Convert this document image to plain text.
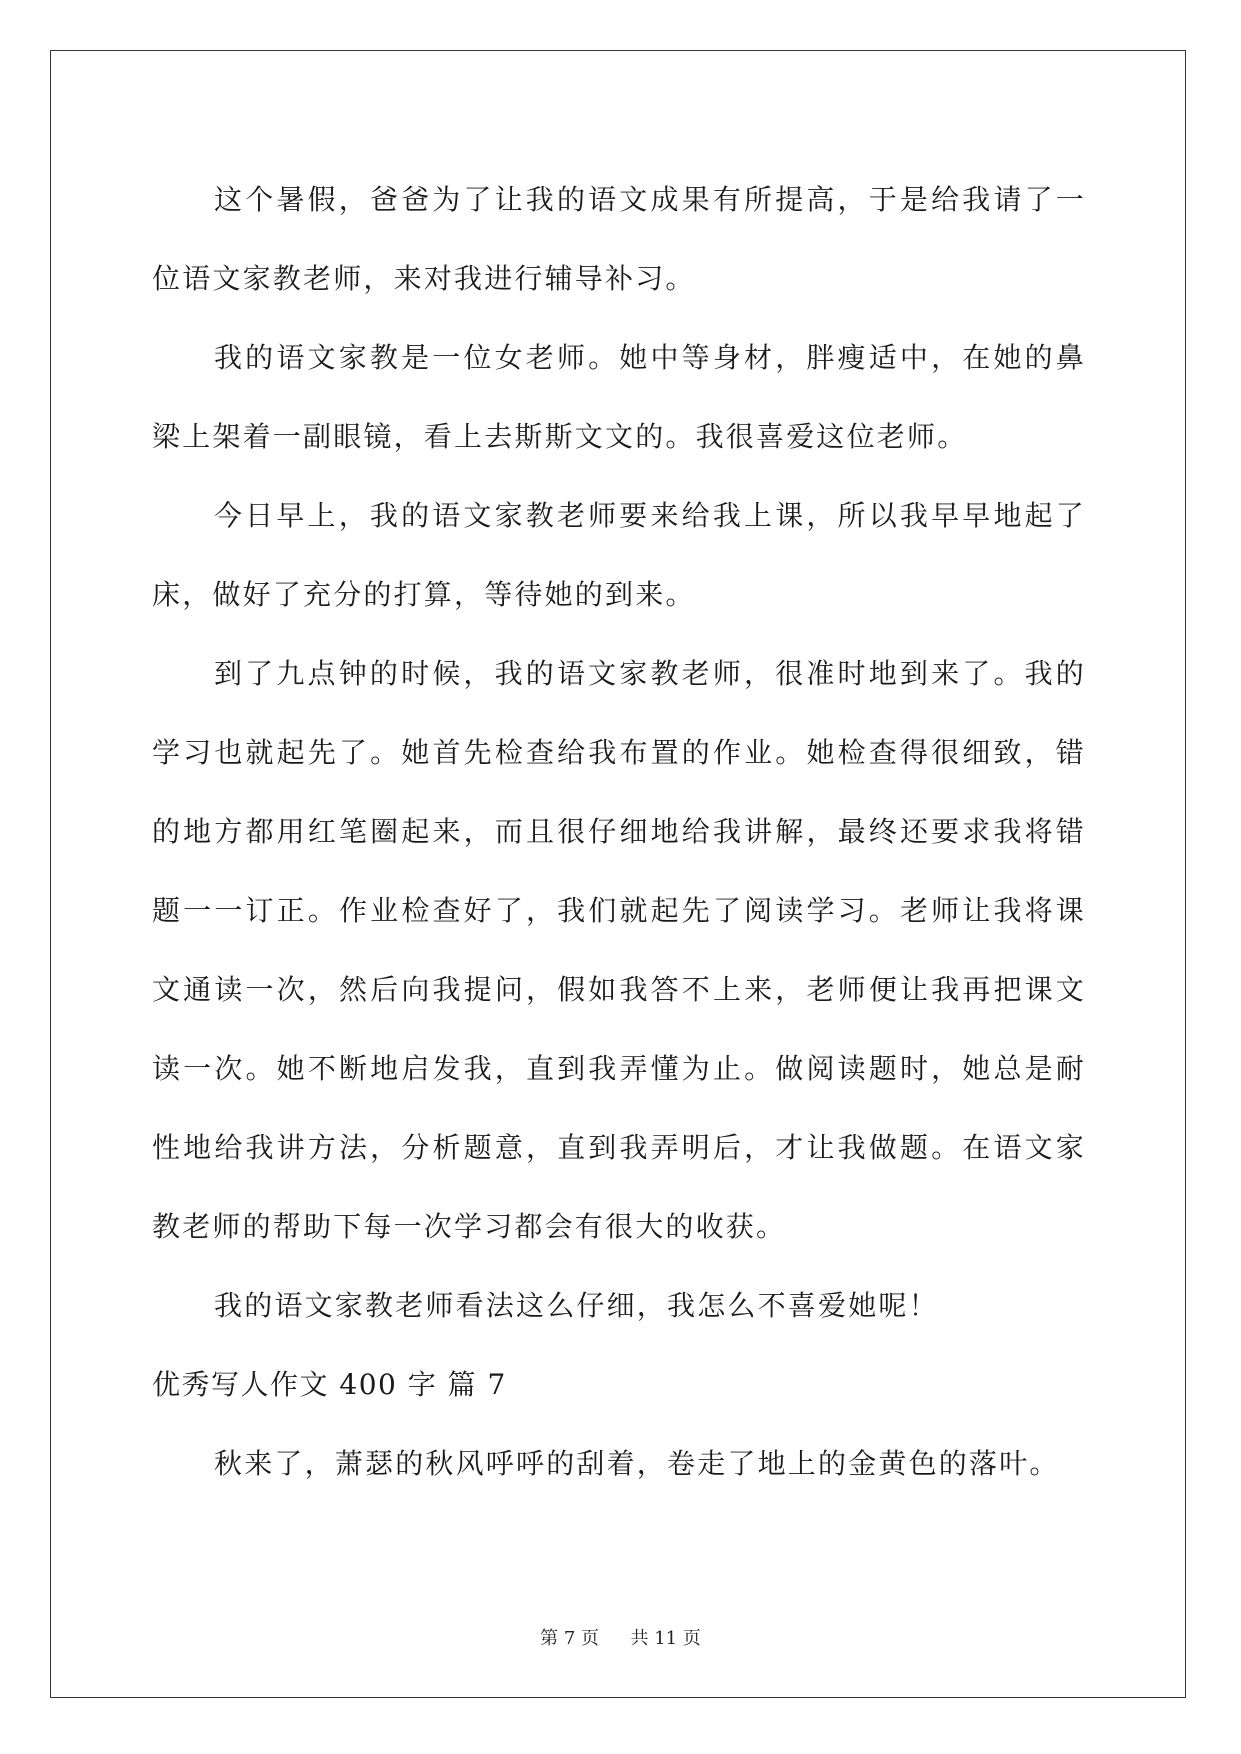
这个暑假，爸爸为了让我的语文成果有所提高，于是给我请了一位语文家教老师，来对我进行辅导补习。

我的语文家教是一位女老师。她中等身材，胖瘦适中，在她的鼻梁上架着一副眼镜，看上去斯斯文文的。我很喜爱这位老师。

今日早上，我的语文家教老师要来给我上课，所以我早早地起了床，做好了充分的打算，等待她的到来。

到了九点钟的时候，我的语文家教老师，很准时地到来了。我的学习也就起先了。她首先检查给我布置的作业。她检查得很细致，错的地方都用红笔圈起来，而且很仔细地给我讲解，最终还要求我将错题一一订正。作业检查好了，我们就起先了阅读学习。老师让我将课文通读一次，然后向我提问，假如我答不上来，老师便让我再把课文读一次。她不断地启发我，直到我弄懂为止。做阅读题时，她总是耐性地给我讲方法，分析题意，直到我弄明后，才让我做题。在语文家教老师的帮助下每一次学习都会有很大的收获。

我的语文家教老师看法这么仔细，我怎么不喜爱她呢！

优秀写人作文 400 字 篇 7

秋来了，萧瑟的秋风呼呼的刮着，卷走了地上的金黄色的落叶。

第 7 页 共 11 页
